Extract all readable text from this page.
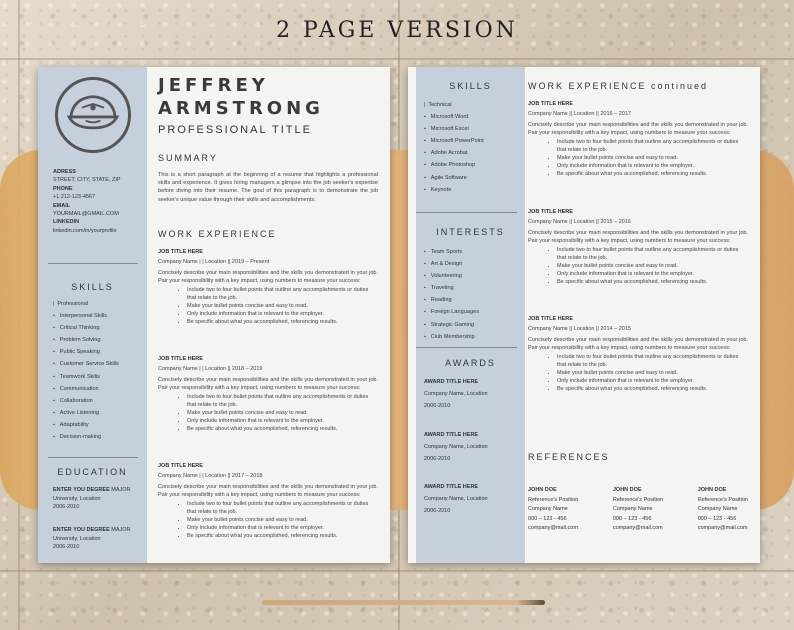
2 PAGE VERSION
ADRESS
STREET, CITY, STATE, ZIP
PHONE
+1 212-123-4567
EMAIL
YOURMAIL@GMAIL.COM
LINKEDIN
linkedin.com/in/yourprofile
SKILLS
| Professional
▪ Interpersonal Skills
▪ Critical Thinking
▪ Problem Solving
▪ Public Speaking
▪ Customer Service Skills
▪ Teamwork Skills
▪ Communication
▪ Collaboration
▪ Active Listening
▪ Adaptability
▪ Decision-making
EDUCATION
ENTER YOU DEGREE MAJOR
University, Location
2006-2010
ENTER YOU DEGREE MAJOR
University, Location
2006-2010
JEFFREY
ARMSTRONG
PROFESSIONAL TITLE
SUMMARY
This is a short paragraph at the beginning of a resume that highlights a professional skills and experience. It gives hiring managers a glimpse into the job seeker's expertise before diving into their resume. The goal of this paragraph is to demonstrate the job seeker's unique value through their skills and accomplishments.
WORK EXPERIENCE
JOB TITLE HERE
Company Name | | Location || 2019 – Present
Concisely describe your main responsibilities and the skills you demonstrated in your job. Pair your responsibility with a key impact, using numbers to measure your success:
• Include two to four bullet points that outline any accomplishments or duties that relate to the job.
• Make your bullet points concise and easy to read.
• Only include information that is relevant to the employer.
• Be specific about what you accomplished, referencing results.
JOB TITLE HERE
Company Name | | Location || 2018 – 2019
Concisely describe your main responsibilities and the skills you demonstrated in your job. Pair your responsibility with a key impact, using numbers to measure your success:
• Include two to four bullet points that outline any accomplishments or duties that relate to the job.
• Make your bullet points concise and easy to read.
• Only include information that is relevant to the employer.
• Be specific about what you accomplished, referencing results.
JOB TITLE HERE
Company Name | | Location || 2017 – 2018
Concisely describe your main responsibilities and the skills you demonstrated in your job. Pair your responsibility with a key impact, using numbers to measure your success:
• Include two to four bullet points that outline any accomplishments or duties that relate to the job.
• Make your bullet points concise and easy to read.
• Only include information that is relevant to the employer.
• Be specific about what you accomplished, referencing results.
SKILLS
| Technical
▪ Microsoft Word
▪ Microsoft Excel
▪ Microsoft PowerPoint
▪ Adobe Acrobat
▪ Adobe Photoshop
▪ Agile Software
▪ Keynote
INTERESTS
▪ Team Sports
▪ Art & Design
▪ Volunteering
▪ Traveling
▪ Reading
▪ Foreign Languages
▪ Strategic Gaming
▪ Club Membership
AWARDS
AWARD TITLE HERE
Company Name, Location
2006-2010
AWARD TITLE HERE
Company Name, Location
2006-2010
AWARD TITLE HERE
Company Name, Location
2006-2010
WORK EXPERIENCE continued
JOB TITLE HERE
Company Name || Location || 2016 – 2017
Concisely describe your main responsibilities and the skills you demonstrated in your job. Pair your responsibility with a key impact, using numbers to measure your success:
• Include two to four bullet points that outline any accomplishments or duties that relate to the job.
• Make your bullet points concise and easy to read.
• Only include information that is relevant to the employer.
• Be specific about what you accomplished, referencing results.
JOB TITLE HERE
Company Name || Location || 2015 – 2016
Concisely describe your main responsibilities and the skills you demonstrated in your job. Pair your responsibility with a key impact, using numbers to measure your success:
• Include two to four bullet points that outline any accomplishments or duties that relate to the job.
• Make your bullet points concise and easy to read.
• Only include information that is relevant to the employer.
• Be specific about what you accomplished, referencing results.
JOB TITLE HERE
Company Name || Location || 2014 – 2015
Concisely describe your main responsibilities and the skills you demonstrated in your job. Pair your responsibility with a key impact, using numbers to measure your success:
• Include two to four bullet points that outline any accomplishments or duties that relate to the job.
• Make your bullet points concise and easy to read.
• Only include information that is relevant to the employer.
• Be specific about what you accomplished, referencing results.
REFERENCES
JOHN DOE
Reference's Position
Company Name
000 – 123 - 456
company@mail.com
JOHN DOE
Reference's Position
Company Name
000 – 123 - 456
company@mail.com
JOHN DOE
Reference's Position
Company Name
000 – 123 - 456
company@mail.com
